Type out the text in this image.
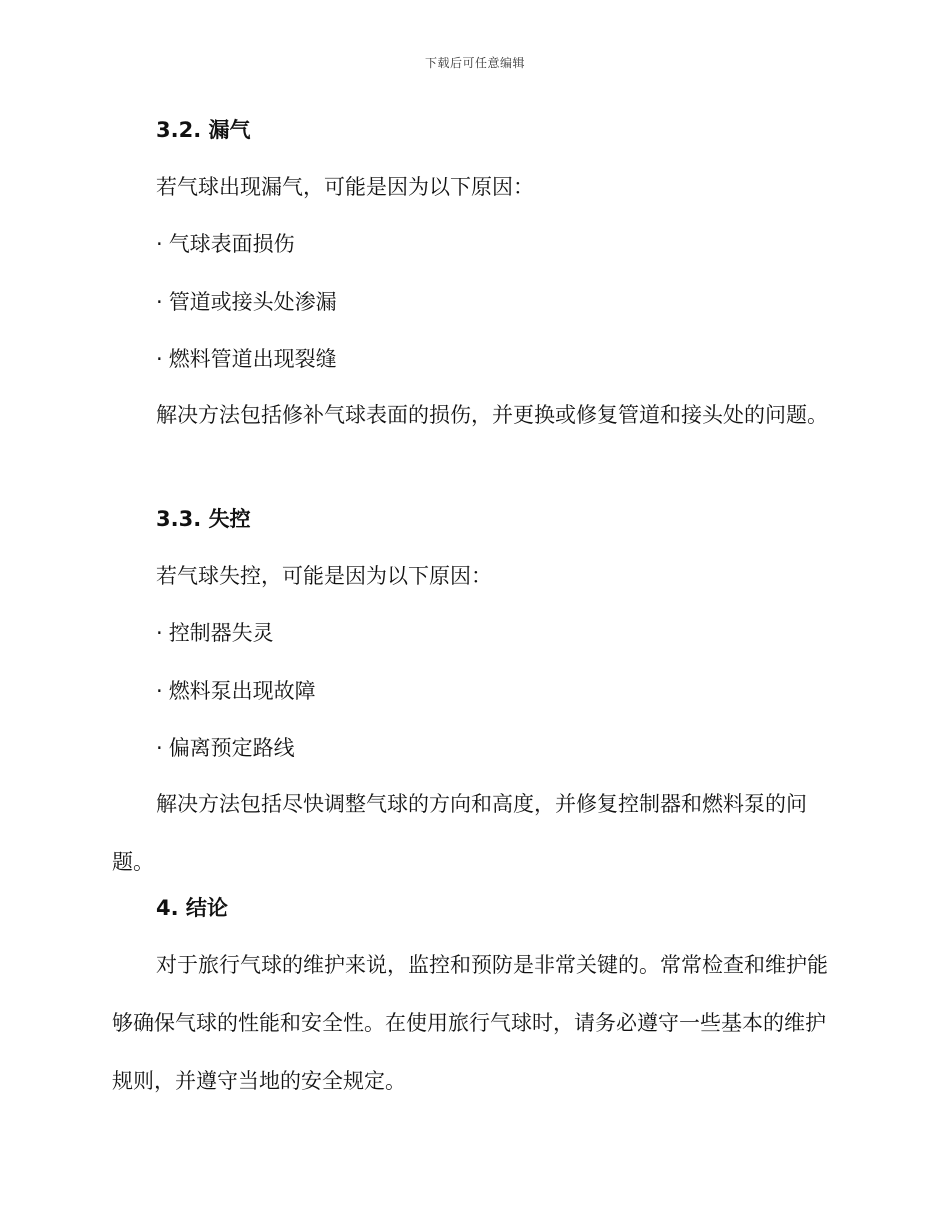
下载后可任意编辑
3.2. 漏气
若气球出现漏气，可能是因为以下原因：
· 气球表面损伤
· 管道或接头处渗漏
· 燃料管道出现裂缝
解决方法包括修补气球表面的损伤，并更换或修复管道和接头处的问题。
3.3. 失控
若气球失控，可能是因为以下原因：
· 控制器失灵
· 燃料泵出现故障
· 偏离预定路线
解决方法包括尽快调整气球的方向和高度，并修复控制器和燃料泵的问题。
4. 结论
对于旅行气球的维护来说，监控和预防是非常关键的。常常检查和维护能够确保气球的性能和安全性。在使用旅行气球时，请务必遵守一些基本的维护规则，并遵守当地的安全规定。
